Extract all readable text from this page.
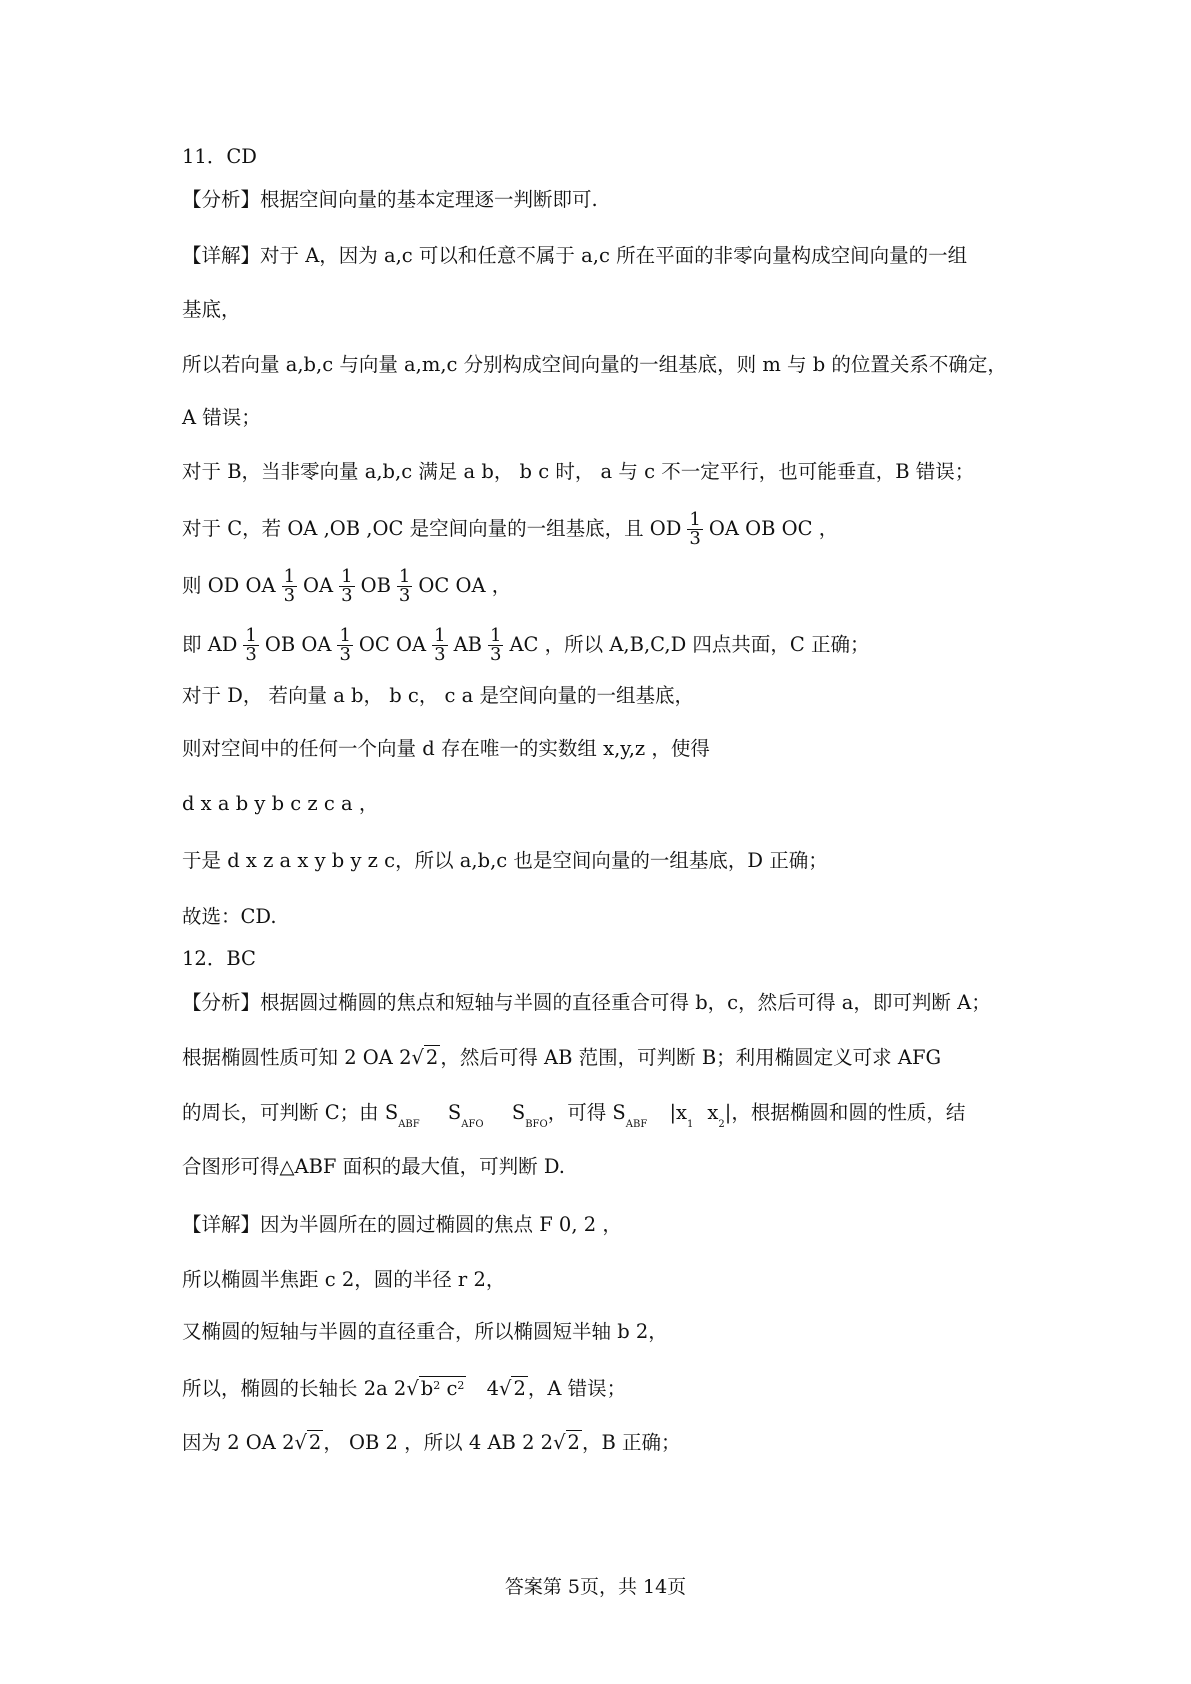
11．CD
【分析】根据空间向量的基本定理逐一判断即可.
【详解】对于 A，因为 a,c 可以和任意不属于 a,c 所在平面的非零向量构成空间向量的一组
基底，
所以若向量 a,b,c 与向量 a,m,c 分别构成空间向量的一组基底，则 m 与 b 的位置关系不确定，
A 错误；
对于 B，当非零向量 a,b,c 满足 a b， b c 时， a 与 c 不一定平行，也可能垂直，B 错误；
对于 C，若 OA ,OB ,OC 是空间向量的一组基底，且 OD $\frac{1}{3}$ OA OB OC ，
则 OD OA $\frac{1}{3}$ OA $\frac{1}{3}$ OB $\frac{1}{3}$ OC OA ，
即 AD $\frac{1}{3}$ OB OA $\frac{1}{3}$ OC OA $\frac{1}{3}$ AB $\frac{1}{3}$ AC ，所以 A,B,C,D 四点共面，C 正确；
对于 D， 若向量 a b， b c， c a 是空间向量的一组基底，
则对空间中的任何一个向量 d 存在唯一的实数组 x,y,z ，使得
d x a b y b c z c a ，
于是 d x z a x y b y z c，所以 a,b,c 也是空间向量的一组基底，D 正确；
故选：CD.
12．BC
【分析】根据圆过椭圆的焦点和短轴与半圆的直径重合可得 b，c，然后可得 a，即可判断 A；
根据椭圆性质可知 2 OA 2√ 2 ，然后可得 AB 范围，可判断 B；利用椭圆定义可求 AFG
的周长，可判断 C；由 $S_{ABF}$ $S_{AFO}$ $S_{BFO}$，可得 $S_{ABF}$ $|x_1x_2|$，根据椭圆和圆的性质，结
合图形可得△ABF 面积的最大值，可判断 D.
【详解】因为半圆所在的圆过椭圆的焦点 F 0, 2 ，
所以椭圆半焦距 c 2，圆的半径 r 2，
又椭圆的短轴与半圆的直径重合，所以椭圆短半轴 b 2，
所以，椭圆的长轴长 2a 2√ $b^2$ $c^2$ 4√ 2 ，A 错误；
因为 2 OA 2√ 2 ， OB 2 ，所以 4 AB 2 2√ 2 ，B 正确；
答案第 5页，共 14页
